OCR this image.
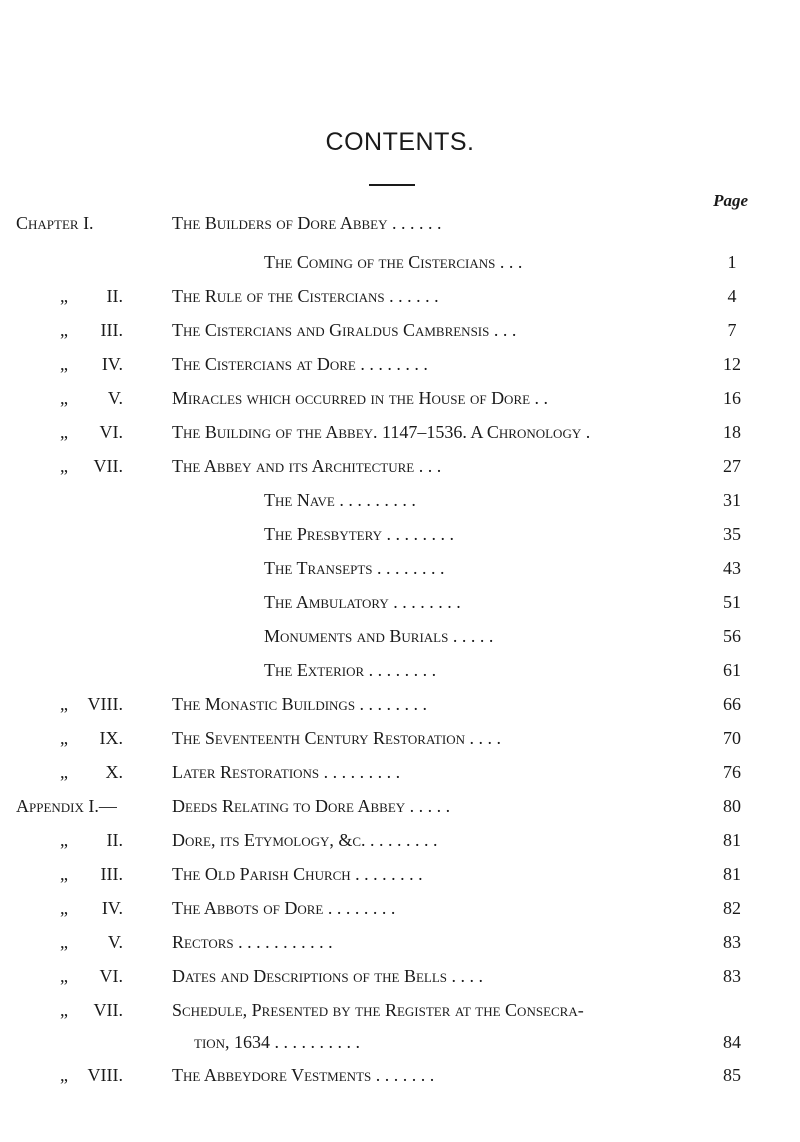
CONTENTS.
Page
Chapter I.	The Builders of Dore Abbey . . . . . .
The Coming of the Cistercians . . .	1
„ II.	The Rule of the Cistercians . . . . . .	4
„ III.	The Cistercians and Giraldus Cambrensis . . .	7
„ IV.	The Cistercians at Dore . . . . . . . .	12
„ V.	Miracles which occurred in the House of Dore . .	16
„ VI.	The Building of the Abbey. 1147–1536. A Chronology .	18
„ VII.	The Abbey and its Architecture . . .	27
The Nave . . . . . . . . .	31
The Presbytery . . . . . . . .	35
The Transepts . . . . . . . .	43
The Ambulatory . . . . . . . .	51
Monuments and Burials . . . . .	56
The Exterior . . . . . . . .	61
„ VIII.	The Monastic Buildings . . . . . . . .	66
„ IX.	The Seventeenth Century Restoration . . . .	70
„ X.	Later Restorations . . . . . . . . .	76
Appendix I.—	Deeds Relating to Dore Abbey . . . . .	80
„ II.	Dore, its Etymology, &c. . . . . . . . .	81
„ III.	The Old Parish Church . . . . . . . .	81
„ IV.	The Abbots of Dore . . . . . . . .	82
„ V.	Rectors . . . . . . . . . . .	83
„ VI.	Dates and Descriptions of the Bells . . . .	83
„ VII.	Schedule, Presented by the Register at the Consecra-
tion, 1634 . . . . . . . . . .	84
„ VIII.	The Abbeydore Vestments . . . . . . .	85
